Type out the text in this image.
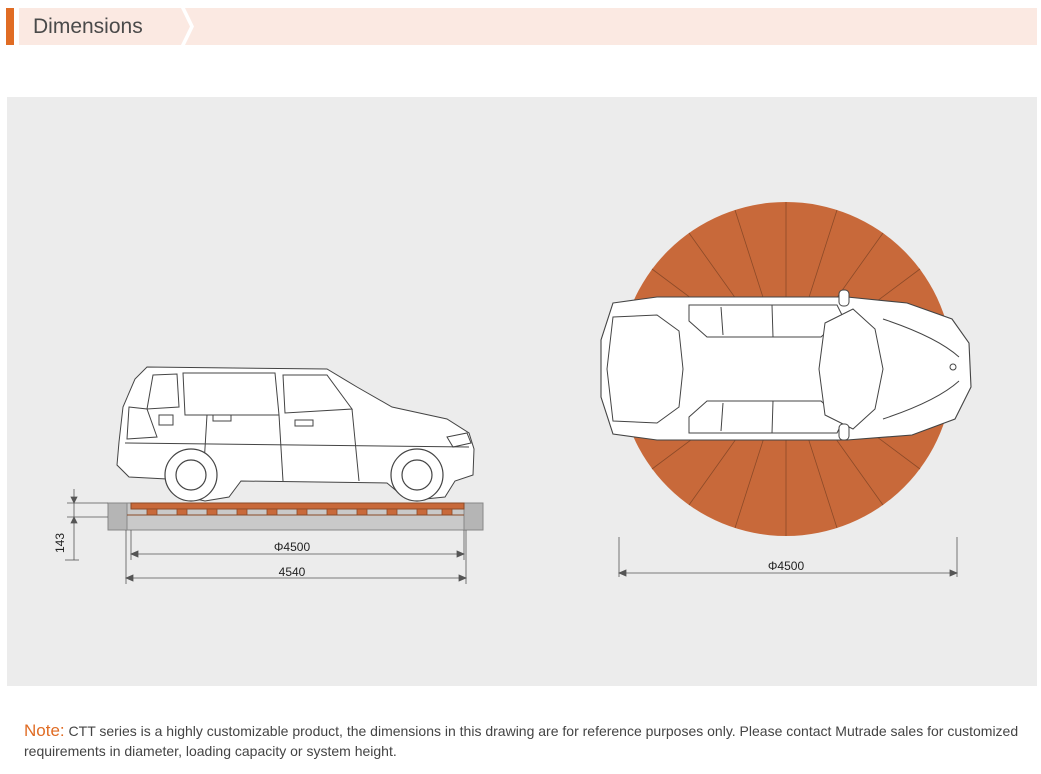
Dimensions
143	Φ4500
4540	Φ4500
Note: CTT series is a highly customizable product, the dimensions in this drawing are for reference purposes only. Please contact Mutrade sales for customized requirements in diameter, loading capacity or system height.
